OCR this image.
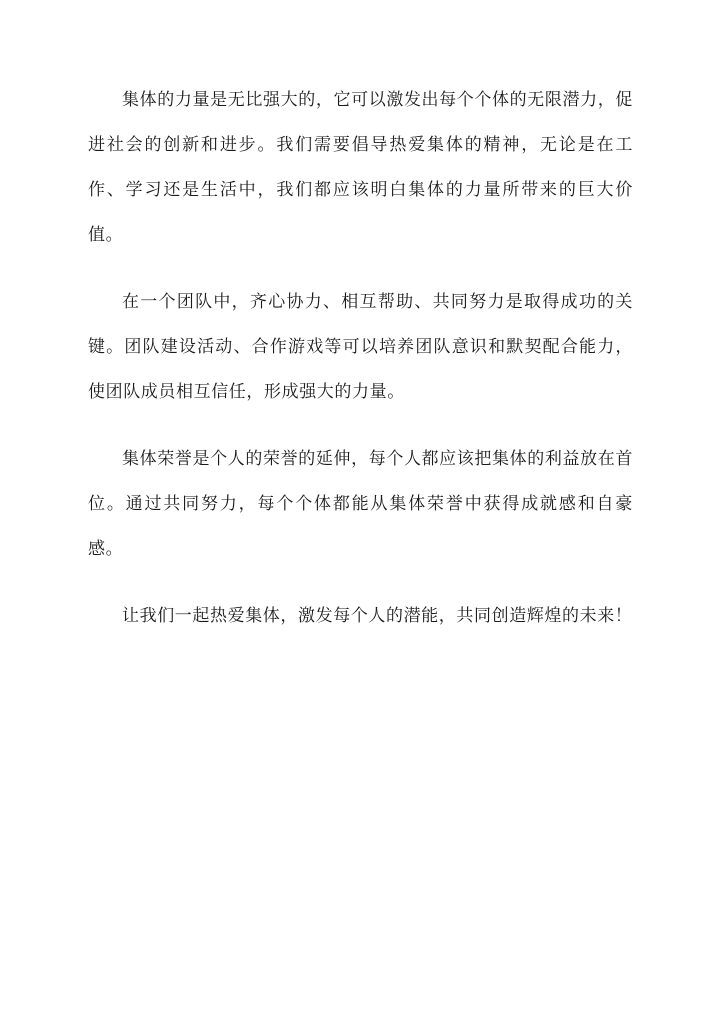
集体的力量是无比强大的，它可以激发出每个个体的无限潜力，促进社会的创新和进步。我们需要倡导热爱集体的精神，无论是在工作、学习还是生活中，我们都应该明白集体的力量所带来的巨大价值。

在一个团队中，齐心协力、相互帮助、共同努力是取得成功的关键。团队建设活动、合作游戏等可以培养团队意识和默契配合能力，使团队成员相互信任，形成强大的力量。

集体荣誉是个人的荣誉的延伸，每个人都应该把集体的利益放在首位。通过共同努力，每个个体都能从集体荣誉中获得成就感和自豪感。

让我们一起热爱集体，激发每个人的潜能，共同创造辉煌的未来！
